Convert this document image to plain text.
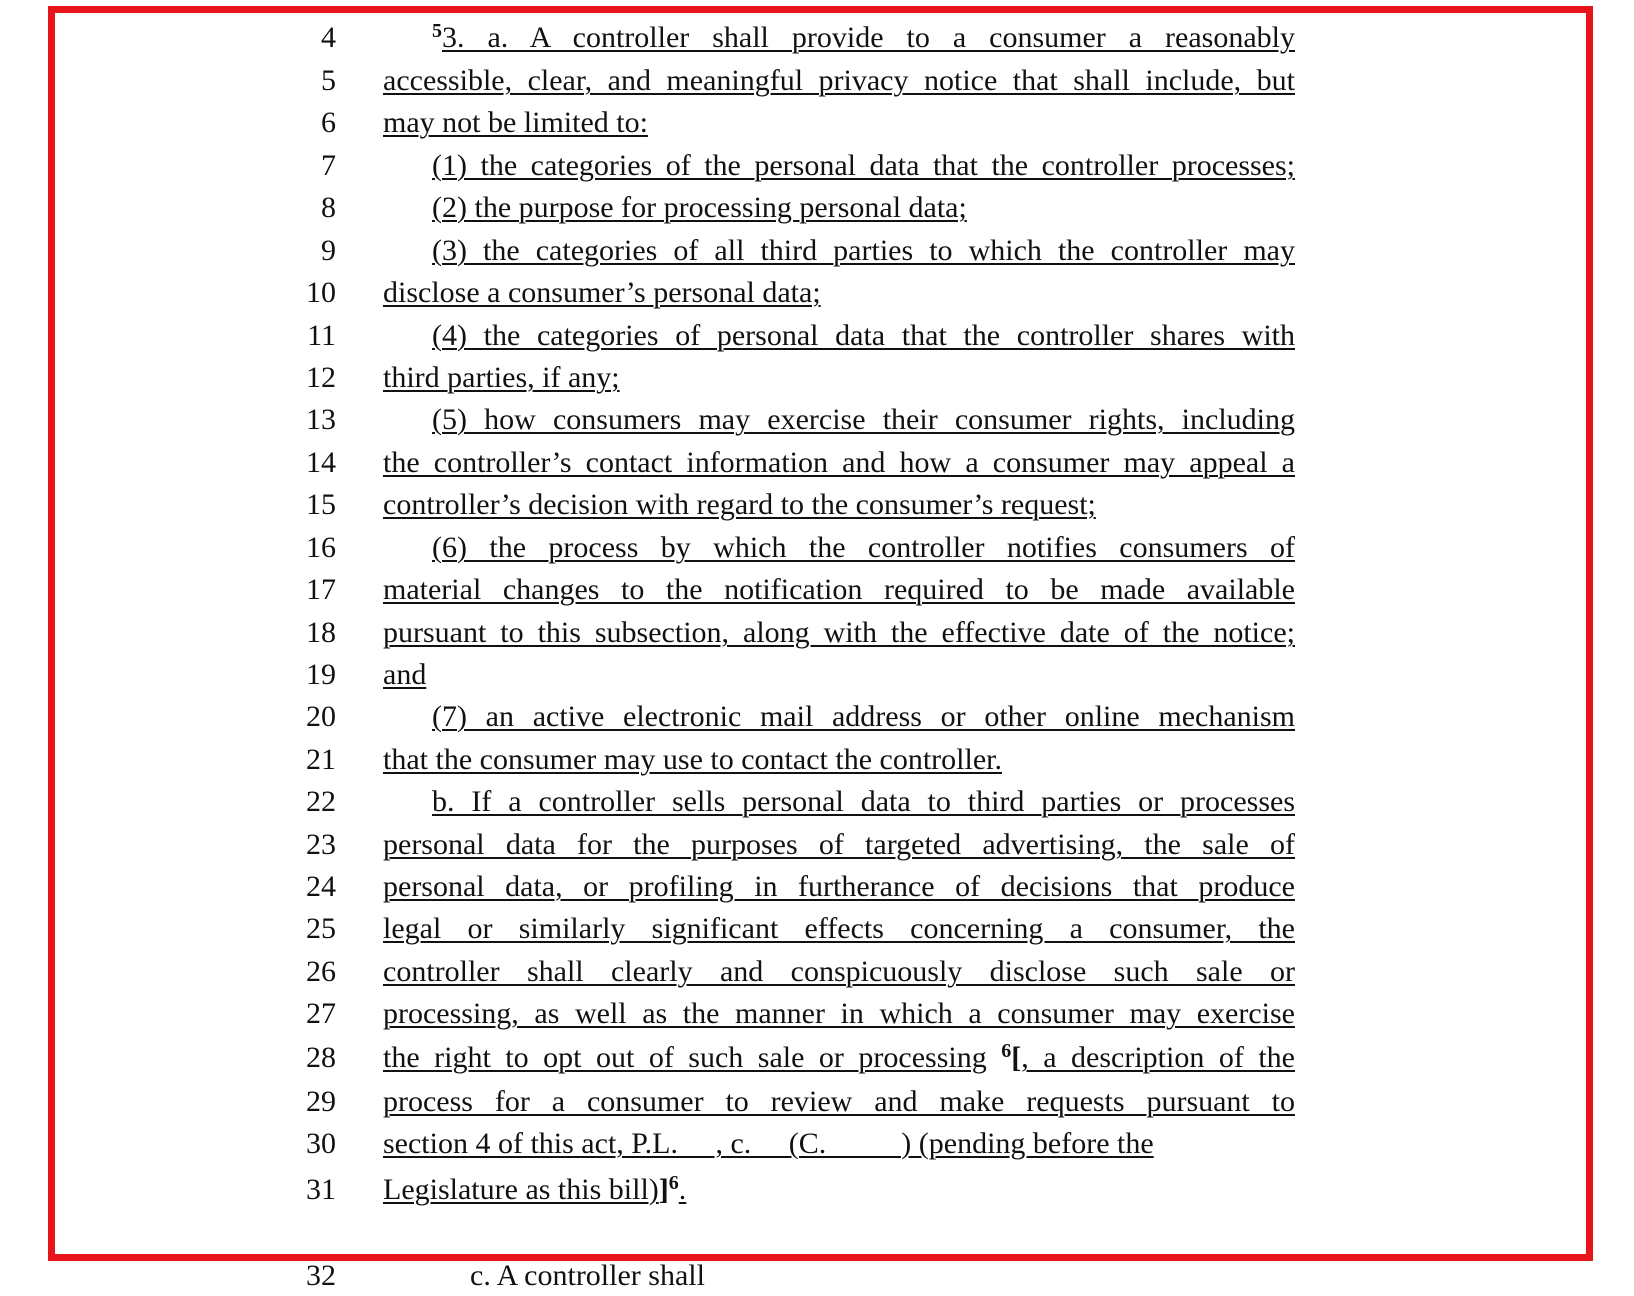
4	$^5$3. a. A controller shall provide to a consumer a reasonably
5 accessible, clear, and meaningful privacy notice that shall include, but
6 may not be limited to:
7	(1) the categories of the personal data that the controller processes;
8	(2) the purpose for processing personal data;
9	(3) the categories of all third parties to which the controller may
10 disclose a consumer’s personal data;
11	(4) the categories of personal data that the controller shares with
12 third parties, if any;
13	(5) how consumers may exercise their consumer rights, including
14 the controller’s contact information and how a consumer may appeal a
15 controller’s decision with regard to the consumer’s request;
16	(6) the process by which the controller notifies consumers of
17 material changes to the notification required to be made available
18 pursuant to this subsection, along with the effective date of the notice;
19 and
20	(7) an active electronic mail address or other online mechanism
21 that the consumer may use to contact the controller.
22	b. If a controller sells personal data to third parties or processes
23 personal data for the purposes of targeted advertising, the sale of
24 personal data, or profiling in furtherance of decisions that produce
25 legal or similarly significant effects concerning a consumer, the
26 controller shall clearly and conspicuously disclose such sale or
27 processing, as well as the manner in which a consumer may exercise
28 the right to opt out of such sale or processing $^6$[, a description of the
29 process for a consumer to review and make requests pursuant to
30 section 4 of this act, P.L.     , c.     (C.          ) (pending before the
31 Legislature as this bill)]$^6$.
32	c. A controller shall
